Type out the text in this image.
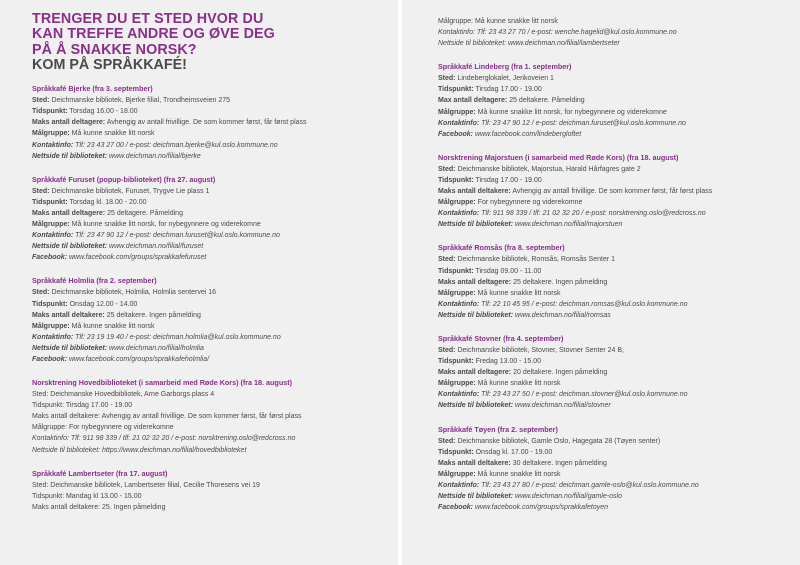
TRENGER DU ET STED HVOR DU
KAN TREFFE ANDRE OG ØVE DEG
PÅ Å SNAKKE NORSK?
KOM PÅ SPRÅKKAFÉ!
Språkkafé Bjerke (fra 3. september)
Sted: Deichmanske bibliotek, Bjerke filial, Trondheimsveien 275
Tidspunkt: Torsdag 16.00 - 18.00
Maks antall deltagere: Avhengig av antall frivillige. De som kommer først, får først plass
Målgruppe: Må kunne snakke litt norsk
Kontaktinfo: Tlf: 23 43 27 00 / e-post: deichman.bjerke@kul.oslo.kommune.no
Nettside til biblioteket: www.deichman.no/filial/bjerke
Språkkafé Furuset (popup-biblioteket) (fra 27. august)
Sted: Deichmanske bibliotek, Furuset, Trygve Lie plass 1
Tidspunkt: Torsdag kl. 18.00 - 20.00
Maks antall deltagere: 25 deltagere. Påmelding
Målgruppe: Må kunne snakke litt norsk, for nybegynnere og viderekomne
Kontaktinfo: Tlf: 23 47 90 12 / e-post: deichman.furuset@kul.oslo.kommune.no
Nettside til biblioteket: www.deichman.no/filial/furuset
Facebook: www.facebook.com/groups/sprakkafefuruset
Språkkafé Holmlia (fra 2. september)
Sted: Deichmanske bibliotek, Holmlia, Holmlia sentervei 16
Tidspunkt: Onsdag 12.00 - 14.00
Maks antall deltakere: 25 deltakere. Ingen påmelding
Målgruppe: Må kunne snakke litt norsk
Kontaktinfo: Tlf: 23 19 19 40 / e-post: deichman.holmlia@kul.oslo.kommune.no
Nettside til biblioteket: www.deichman.no/filial/holmlia
Facebook: www.facebook.com/groups/sprakkafeholmlia/
Norsktrening Hovedbiblioteket (i samarbeid med Røde Kors) (fra 18. august)
Sted: Deichmanske Hovedbibliotek, Arne Garborgs plass 4
Tidspunkt: Tirsdag 17.00 - 19.00
Maks antall deltakere: Avhengig av antall frivillige. De som kommer først, får først plass
Målgruppe: For nybegynnere og viderekomne
Kontaktinfo: Tlf: 911 98 339 / tlf: 21 02 32 20 / e-post: norsktrening.oslo@redcross.no
Nettside til biblioteket: https://www.deichman.no/filial/hovedbiblioteket
Språkkafé Lambertseter (fra 17. august)
Sted: Deichmanske bibliotek, Lambertseter filial, Cecilie Thoresens vei 19
Tidspunkt: Mandag kl 13.00 - 15.00
Maks antall deltakere: 25. Ingen påmelding
Målgruppe: Må kunne snakke litt norsk
Kontaktinfo: Tlf: 23 43 27 70 / e-post: wenche.hagelid@kul.oslo.kommune.no
Nettside til biblioteket: www.deichman.no/filial/lambertseter
Språkkafé Lindeberg (fra 1. september)
Sted: Lindeberglokalet, Jerikoveien 1
Tidspunkt: Tirsdag 17.00 - 19.00
Max antall deltagere: 25 deltakere. Påmelding
Målgruppe: Må kunne snakke litt norsk, for nybegynnere og viderekomne
Kontaktinfo: Tlf: 23 47 90 12 / e-post: deichman.furuset@kul.oslo.kommune.no
Facebook: www.facebook.com/lindebergloftet
Norsktrening Majorstuen (i samarbeid med Røde Kors) (fra 18. august)
Sted: Deichmanske bibliotek, Majorstua, Harald Hårfagres gate 2
Tidspunkt: Tirsdag 17.00 - 19.00
Maks antall deltakere: Avhengig av antall frivillige. De som kommer først, får først plass
Målgruppe: For nybegynnere og viderekomne
Kontaktinfo: Tlf: 911 98 339 / tlf: 21 02 32 20 / e-post: norsktrening.oslo@redcross.no
Nettside til biblioteket: www.deichman.no/filial/majorstuen
Språkkafé Romsås (fra 8. september)
Sted: Deichmanske bibliotek, Romsås, Romsås Senter 1
Tidspunkt: Tirsdag 09.00 - 11.00
Maks antall deltagere: 25 deltakere. Ingen påmelding
Målgruppe: Må kunne snakke litt norsk
Kontaktinfo: Tlf: 22 10 45 95 / e-post: deichman.romsas@kul.oslo.kommune.no
Nettside til biblioteket: www.deichman.no/filial/romsas
Språkkafé Stovner (fra 4. september)
Sted: Deichmanske bibliotek, Stovner, Stovner Senter 24 B,
Tidspunkt: Fredag 13.00 - 15.00
Maks antall deltagere: 20 deltakere. Ingen påmelding
Målgruppe: Må kunne snakke litt norsk
Kontaktinfo: Tlf: 23 43 27 50 / e-post: deichman.stovner@kul.oslo.kommune.no
Nettside til biblioteket: www.deichman.no/filial/stovner
Språkkafé Tøyen (fra 2. september)
Sted: Deichmanske bibliotek, Gamle Oslo, Hagegata 28 (Tøyen senter)
Tidspunkt: Onsdag kl. 17.00 - 19.00
Maks antall deltakere: 30 deltakere. Ingen påmelding
Målgruppe: Må kunne snakke litt norsk
Kontaktinfo: Tlf: 23 43 27 80 / e-post: deichman.gamle-oslo@kul.oslo.kommune.no
Nettside til biblioteket: www.deichman.no/filial/gamle-oslo
Facebook: www.facebook.com/groups/sprakkafetoyen
